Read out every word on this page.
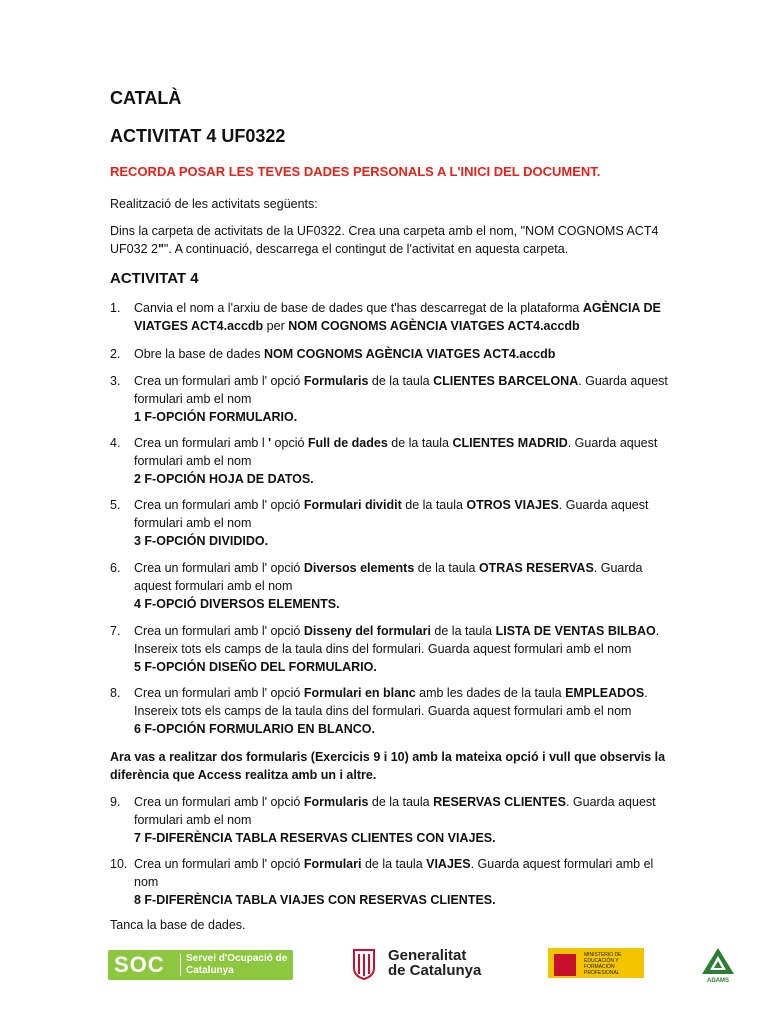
CATALÀ
ACTIVITAT 4 UF0322
RECORDA POSAR LES TEVES DADES PERSONALS A L'INICI DEL DOCUMENT.
Realització de les activitats següents:
Dins la carpeta de activitats de la UF0322. Crea una carpeta amb el nom, "NOM COGNOMS ACT4 UF032 2"". A continuació, descarrega el contingut de l'activitat en aquesta carpeta.
ACTIVITAT 4
1.	Canvia el nom a l'arxiu de base de dades que t'has descarregat de la plataforma AGÈNCIA DE VIATGES ACT4.accdb per NOM COGNOMS AGÈNCIA VIATGES ACT4.accdb
2.	Obre la base de dades NOM COGNOMS AGÈNCIA VIATGES ACT4.accdb
3.	Crea un formulari amb l' opció Formularis de la taula CLIENTES BARCELONA. Guarda aquest formulari amb el nom
1 F-OPCIÓN FORMULARIO.
4.	Crea un formulari amb l ' opció Full de dades de la taula CLIENTES MADRID. Guarda aquest formulari amb el nom
2 F-OPCIÓN HOJA DE DATOS.
5.	Crea un formulari amb l' opció Formulari dividit de la taula OTROS VIAJES. Guarda aquest formulari amb el nom
3 F-OPCIÓN DIVIDIDO.
6.	Crea un formulari amb l' opció Diversos elements de la taula OTRAS RESERVAS. Guarda aquest formulari amb el nom
4 F-OPCIÓ DIVERSOS ELEMENTS.
7.	Crea un formulari amb l' opció Disseny del formulari de la taula LISTA DE VENTAS BILBAO. Insereix tots els camps de la taula dins del formulari. Guarda aquest formulari amb el nom
5 F-OPCIÓN DISEÑO DEL FORMULARIO.
8.	Crea un formulari amb l' opció Formulari en blanc amb les dades de la taula EMPLEADOS. Insereix tots els camps de la taula dins del formulari. Guarda aquest formulari amb el nom
6 F-OPCIÓN FORMULARIO EN BLANCO.
Ara vas a realitzar dos formularis (Exercicis 9 i 10) amb la mateixa opció i vull que observis la diferència que Access realitza amb un i altre.
9.	Crea un formulari amb l' opció Formularis de la taula RESERVAS CLIENTES. Guarda aquest formulari amb el nom
7 F-DIFERÈNCIA TABLA RESERVAS CLIENTES CON VIAJES.
10. Crea un formulari amb l' opció Formulari de la taula VIAJES. Guarda aquest formulari amb el nom
8 F-DIFERÈNCIA TABLA VIAJES CON RESERVAS CLIENTES.
Tanca la base de dades.
SOC Servei d'Ocupació de Catalunya
Generalitat
de Catalunya
MINISTERIO DE EDUCACIÓN Y FORMACIÓN PROFESIONAL
ADAMS
